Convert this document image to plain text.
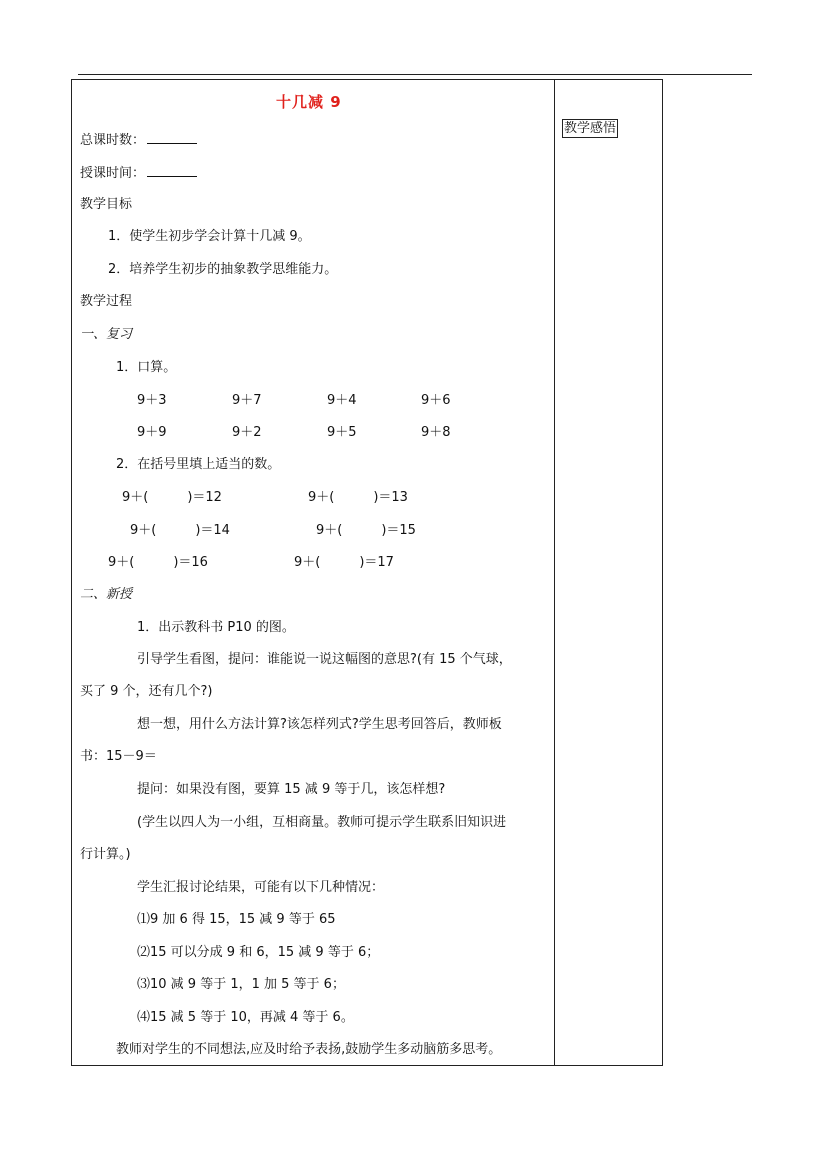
教学感悟
十几减 9
总课时数：
授课时间：
教学目标
1．使学生初步学会计算十几减 9。
2．培养学生初步的抽象教学思维能力。
教学过程
一、复习
1．口算。
9＋3	9＋7	9＋4	9＋6
9＋9	9＋2	9＋5	9＋8
2．在括号里填上适当的数。
9＋(　　　)＝12	9＋(　　　)＝13
9＋(　　　)＝14	9＋(　　　)＝15
9＋(　　　)＝16	9＋(　　　)＝17
二、新授
1．出示教科书 P10 的图。
引导学生看图，提问：谁能说一说这幅图的意思?(有 15 个气球，
买了 9 个，还有几个?)
想一想，用什么方法计算?该怎样列式?学生思考回答后，教师板
书：15－9＝
提问：如果没有图，要算 15 减 9 等于几，该怎样想?
(学生以四人为一小组，互相商量。教师可提示学生联系旧知识进
行计算。)
学生汇报讨论结果，可能有以下几种情况：
⑴9 加 6 得 15，15 减 9 等于 65
⑵15 可以分成 9 和 6，15 减 9 等于 6；
⑶10 减 9 等于 1，1 加 5 等于 6；
⑷15 减 5 等于 10，再减 4 等于 6。
教师对学生的不同想法,应及时给予表扬,鼓励学生多动脑筋多思考。
